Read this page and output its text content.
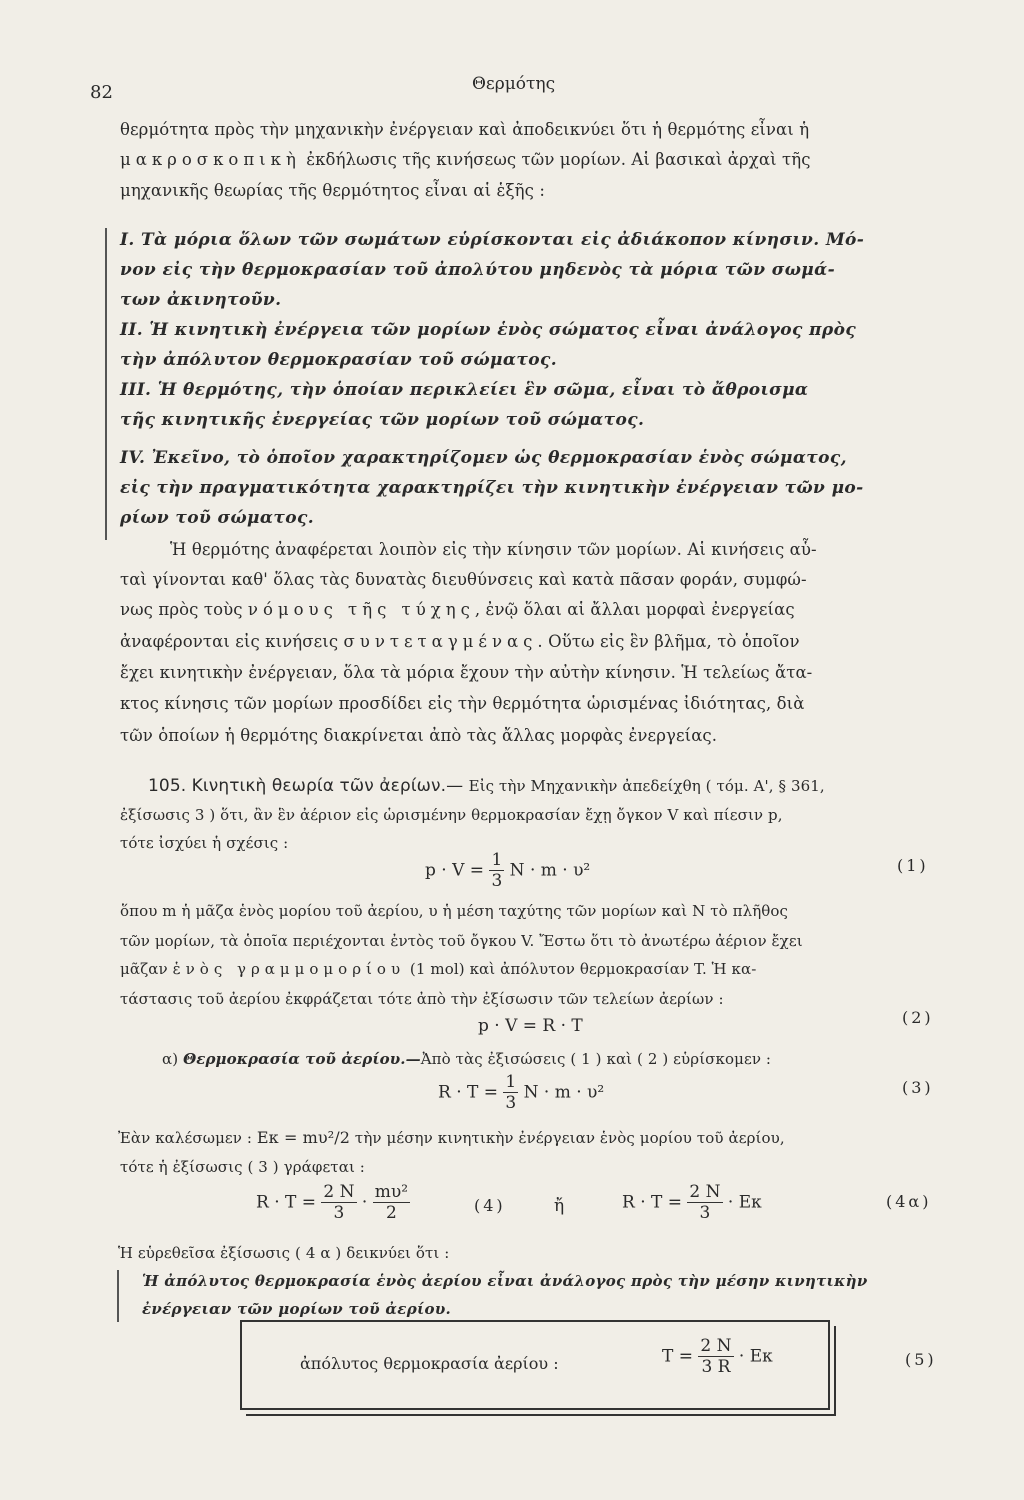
82	Θερμότης
θερμότητα πρὸς τὴν μηχανικὴν ἐνέργειαν καὶ ἀποδεικνύει ὅτι ἡ θερμότης εἶναι ἡ
μακροσκοπικὴ ἐκδήλωσις τῆς κινήσεως τῶν μορίων. Αἱ βασικαὶ ἀρχαὶ τῆς
μηχανικῆς θεωρίας τῆς θερμότητος εἶναι αἱ ἑξῆς :
I. Τὰ μόρια ὅλων τῶν σωμάτων εὑρίσκονται εἰς ἀδιάκοπον κίνησιν. Μό-
νον εἰς τὴν θερμοκρασίαν τοῦ ἀπολύτου μηδενὸς τὰ μόρια τῶν σωμά-
των ἀκινητοῦν.
II. Ἡ κινητικὴ ἐνέργεια τῶν μορίων ἑνὸς σώματος εἶναι ἀνάλογος πρὸς
τὴν ἀπόλυτον θερμοκρασίαν τοῦ σώματος.
III. Ἡ θερμότης, τὴν ὁποίαν περικλείει ἓν σῶμα, εἶναι τὸ ἄθροισμα
τῆς κινητικῆς ἐνεργείας τῶν μορίων τοῦ σώματος.
IV. Ἐκεῖνο, τὸ ὁποῖον χαρακτηρίζομεν ὡς θερμοκρασίαν ἑνὸς σώματος,
εἰς τὴν πραγματικότητα χαρακτηρίζει τὴν κινητικὴν ἐνέργειαν τῶν μο-
ρίων τοῦ σώματος.
Ἡ θερμότης ἀναφέρεται λοιπὸν εἰς τὴν κίνησιν τῶν μορίων. Αἱ κινήσεις αὗ-
ταὶ γίνονται καθ' ὅλας τὰς δυνατὰς διευθύνσεις καὶ κατὰ πᾶσαν φοράν, συμφώ-
νως πρὸς τοὺς νόμους τῆς τύχης, ἐνῷ ὅλαι αἱ ἄλλαι μορφαὶ ἐνεργείας
ἀναφέρονται εἰς κινήσεις συντεταγμένας. Οὕτω εἰς ἓν βλῆμα, τὸ ὁποῖον
ἔχει κινητικὴν ἐνέργειαν, ὅλα τὰ μόρια ἔχουν τὴν αὐτὴν κίνησιν. Ἡ τελείως ἄτα-
κτος κίνησις τῶν μορίων προσδίδει εἰς τὴν θερμότητα ὡρισμένας ἰδιότητας, διὰ
τῶν ὁποίων ἡ θερμότης διακρίνεται ἀπὸ τὰς ἄλλας μορφὰς ἐνεργείας.
105. Κινητικὴ θεωρία τῶν ἀερίων.— Εἰς τὴν Μηχανικὴν ἀπεδείχθη ( τόμ. Α', § 361,
ἐξίσωσις 3 ) ὅτι, ἂν ἓν ἀέριον εἰς ὡρισμένην θερμοκρασίαν ἔχῃ ὄγκον V καὶ πίεσιν p,
τότε ἰσχύει ἡ σχέσις :
$p \cdot V = \frac{1}{3}$ N · m · υ²	(1)
ὅπου m ἡ μᾶζα ἑνὸς μορίου τοῦ ἀερίου, υ ἡ μέση ταχύτης τῶν μορίων καὶ N τὸ πλῆθος
τῶν μορίων, τὰ ὁποῖα περιέχονται ἐντὸς τοῦ ὄγκου V. Ἔστω ὅτι τὸ ἀνωτέρω ἀέριον ἔχει
μᾶζαν ἑνὸς γραμμομορίου (1 mol) καὶ ἀπόλυτον θερμοκρασίαν T. Ἡ κα-
τάστασις τοῦ ἀερίου ἐκφράζεται τότε ἀπὸ τὴν ἐξίσωσιν τῶν τελείων ἀερίων :
p · V = R · T	(2)
α) Θερμοκρασία τοῦ ἀερίου.—Ἀπὸ τὰς ἐξισώσεις ( 1 ) καὶ ( 2 ) εὑρίσκομεν :
$R \cdot T = \frac{1}{3}$ N · m · υ²	(3)
Ἐὰν καλέσωμεν : Eκ = mυ²/2 τὴν μέσην κινητικὴν ἐνέργειαν ἑνὸς μορίου τοῦ ἀερίου,
τότε ἡ ἐξίσωσις ( 3 ) γράφεται :
$R \cdot T = \frac{2 N}{3} \cdot \frac{\text{mυ²}}{2}$	(4)	ἤ	$R \cdot T = \frac{2 N}{3} \cdot E\kappa$	(4α)
Ἡ εὑρεθεῖσα ἐξίσωσις ( 4 α ) δεικνύει ὅτι :
Ἡ ἀπόλυτος θερμοκρασία ἑνὸς ἀερίου εἶναι ἀνάλογος πρὸς τὴν μέσην κινητικὴν
ἐνέργειαν τῶν μορίων τοῦ ἀερίου.
ἀπόλυτος θερμοκρασία ἀερίου :	$T = \frac{2 N}{3 R} \cdot E\kappa$	(5)
